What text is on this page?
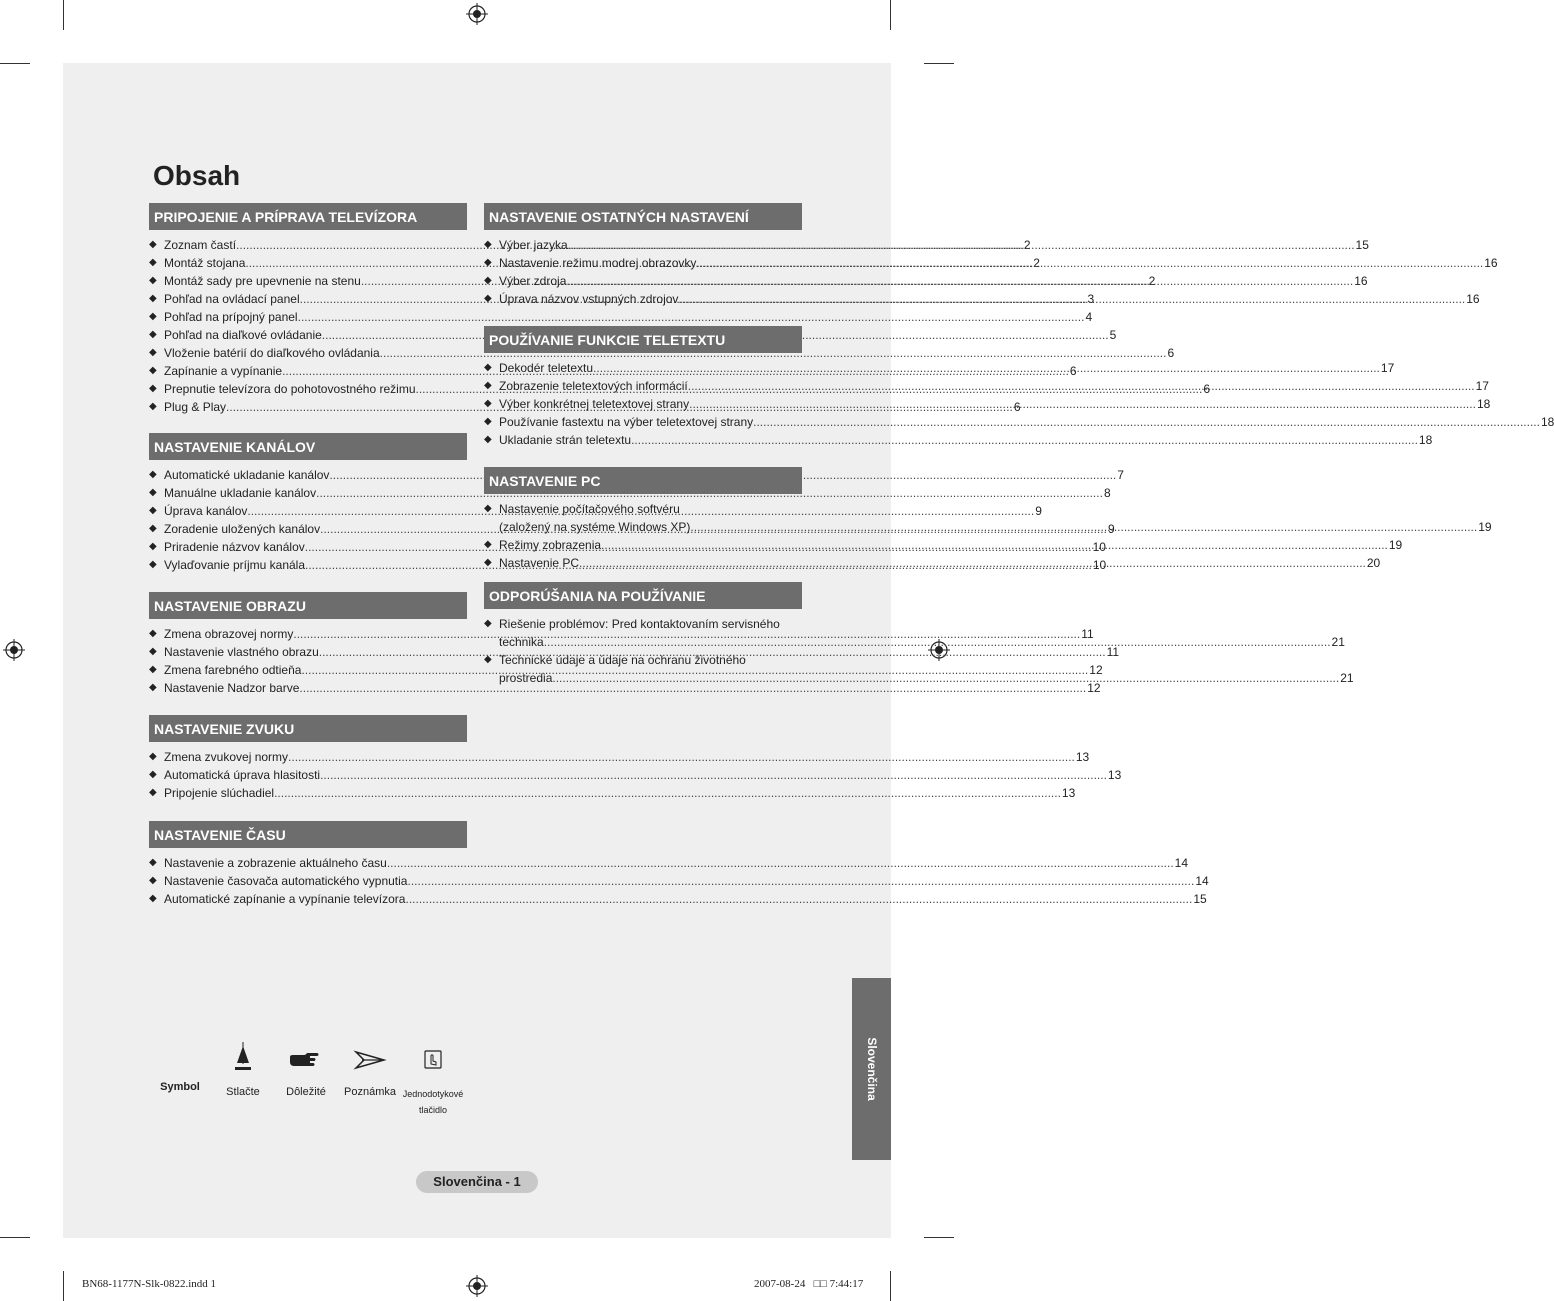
Obsah
PRIPOJENIE A PRÍPRAVA TELEVÍZORA
◆ Zoznam častí .....	2
◆ Montáž stojana .....	2
◆ Montáž sady pre upevnenie na stenu .....	2
◆ Pohľad na ovládací panel .....	3
◆ Pohľad na prípojný panel .....	4
◆ Pohľad na diaľkové ovládanie .....	5
◆ Vloženie batérií do diaľkového ovládania .....	6
◆ Zapínanie a vypínanie .....	6
◆ Prepnutie televízora do pohotovostného režimu .....	6
◆ Plug & Play .....	6
NASTAVENIE KANÁLOV
◆ Automatické ukladanie kanálov .....	7
◆ Manuálne ukladanie kanálov .....	8
◆ Úprava kanálov .....	9
◆ Zoradenie uložených kanálov .....	9
◆ Priradenie názvov kanálov .....	10
◆ Vylaďovanie príjmu kanála .....	10
NASTAVENIE OBRAZU
◆ Zmena obrazovej normy .....	11
◆ Nastavenie vlastného obrazu .....	11
◆ Zmena farebného odtieňa .....	12
◆ Nastavenie Nadzor barve .....	12
NASTAVENIE ZVUKU
◆ Zmena zvukovej normy .....	13
◆ Automatická úprava hlasitosti .....	13
◆ Pripojenie slúchadiel .....	13
NASTAVENIE ČASU
◆ Nastavenie a zobrazenie aktuálneho času .....	14
◆ Nastavenie časovača automatického vypnutia .....	14
◆ Automatické zapínanie a vypínanie televízora .....	15
NASTAVENIE OSTATNÝCH NASTAVENÍ
◆ Výber jazyka .....	15
◆ Nastavenie režimu modrej obrazovky .....	16
◆ Výber zdroja .....	16
◆ Úprava názvov vstupných zdrojov .....	16
POUŽÍVANIE FUNKCIE TELETEXTU
◆ Dekodér teletextu .....	17
◆ Zobrazenie teletextových informácií .....	17
◆ Výber konkrétnej teletextovej strany .....	18
◆ Používanie fastextu na výber teletextovej strany .....	18
◆ Ukladanie strán teletextu .....	18
NASTAVENIE PC
◆ Nastavenie počítačového softvéru
(založený na systéme Windows XP) .....	19
◆ Režimy zobrazenia .....	19
◆ Nastavenie PC .....	20
ODPORÚŠANIA NA POUŽÍVANIE
◆ Riešenie problémov: Pred kontaktovaním servisného
technika .....	21
◆ Technické údaje a údaje na ochranu životného
prostredia .....	21
Symbol	Stlačte	Dôležité	Poznámka Jednodotykové tlačidlo
Slovenčina
Slovenčina - 1
BN68-1177N-Slk-0822.indd 1	2007-08-24   □□ 7:44:17
